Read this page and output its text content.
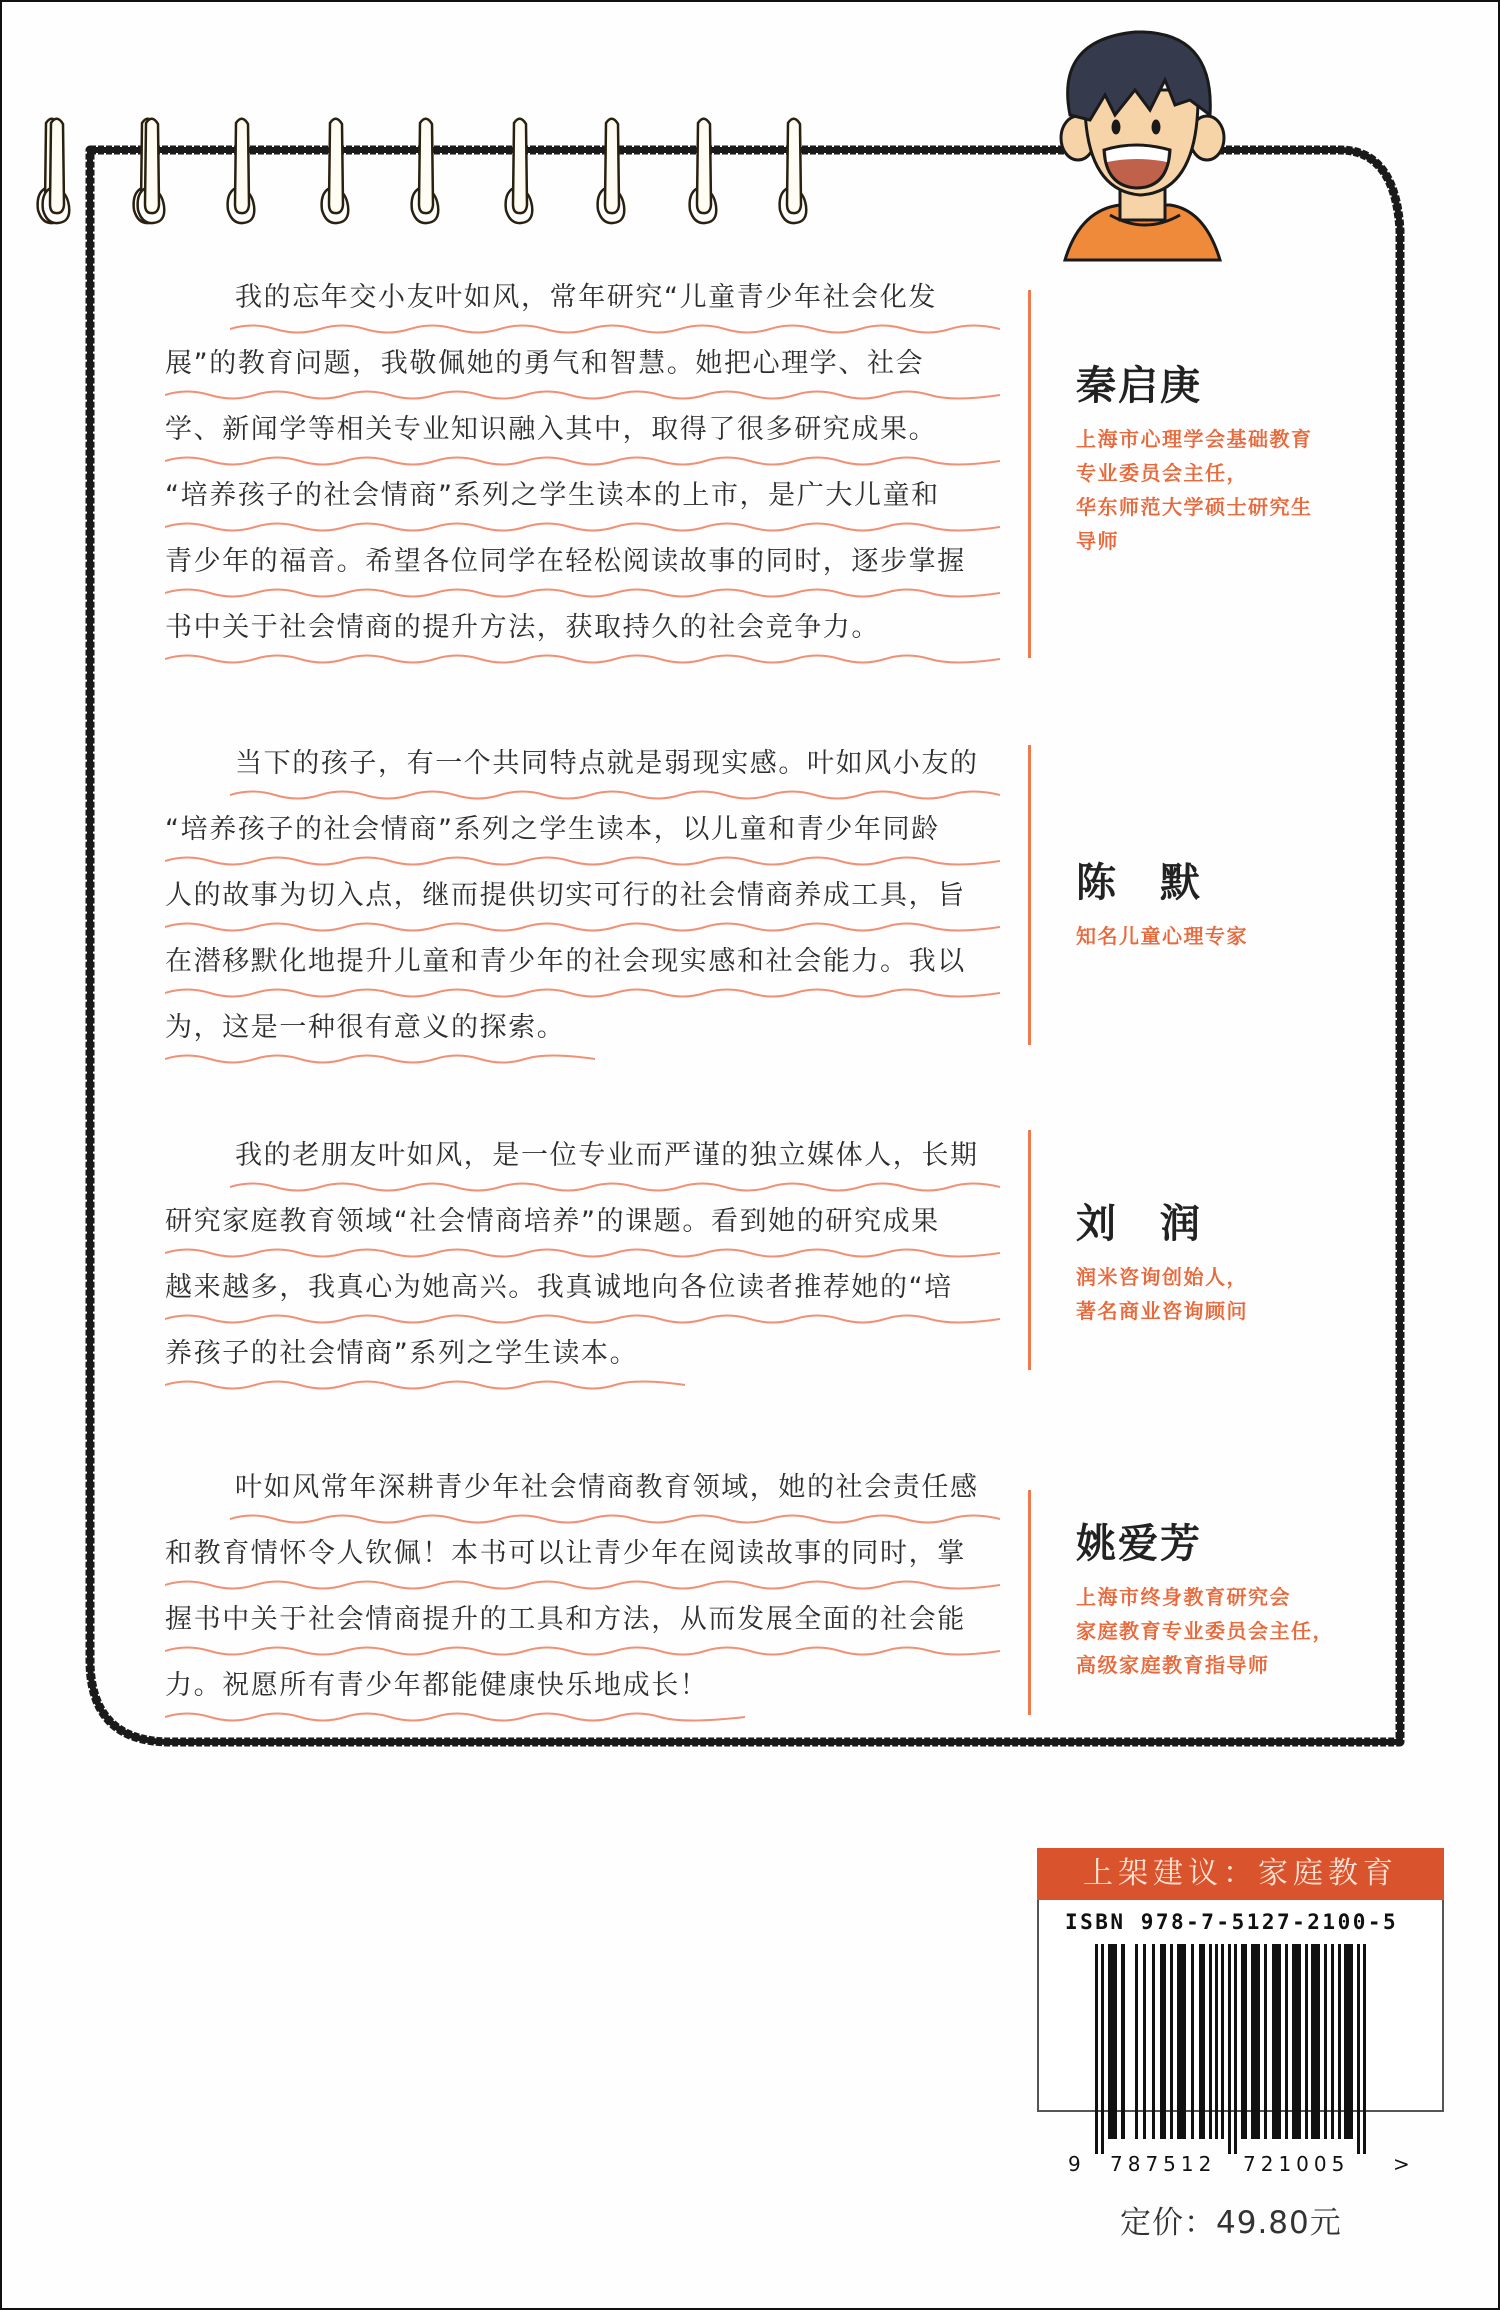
我的忘年交小友叶如风，常年研究“儿童青少年社会化发
展”的教育问题，我敬佩她的勇气和智慧。她把心理学、社会
学、新闻学等相关专业知识融入其中，取得了很多研究成果。
“培养孩子的社会情商”系列之学生读本的上市，是广大儿童和
青少年的福音。希望各位同学在轻松阅读故事的同时，逐步掌握
书中关于社会情商的提升方法，获取持久的社会竞争力。
当下的孩子，有一个共同特点就是弱现实感。叶如风小友的
“培养孩子的社会情商”系列之学生读本，以儿童和青少年同龄
人的故事为切入点，继而提供切实可行的社会情商养成工具，旨
在潜移默化地提升儿童和青少年的社会现实感和社会能力。我以
为，这是一种很有意义的探索。
我的老朋友叶如风，是一位专业而严谨的独立媒体人，长期
研究家庭教育领域“社会情商培养”的课题。看到她的研究成果
越来越多，我真心为她高兴。我真诚地向各位读者推荐她的“培
养孩子的社会情商”系列之学生读本。
叶如风常年深耕青少年社会情商教育领域，她的社会责任感
和教育情怀令人钦佩！本书可以让青少年在阅读故事的同时，掌
握书中关于社会情商提升的工具和方法，从而发展全面的社会能
力。祝愿所有青少年都能健康快乐地成长！
秦启庚
上海市心理学会基础教育
专业委员会主任，
华东师范大学硕士研究生
导师
陈　默
知名儿童心理专家
刘　润
润米咨询创始人，
著名商业咨询顾问
姚爱芳
上海市终身教育研究会
家庭教育专业委员会主任，
高级家庭教育指导师
上架建议：家庭教育
ISBN 978-7-5127-2100-5
9 787512 721005 >
定价：49.80元
